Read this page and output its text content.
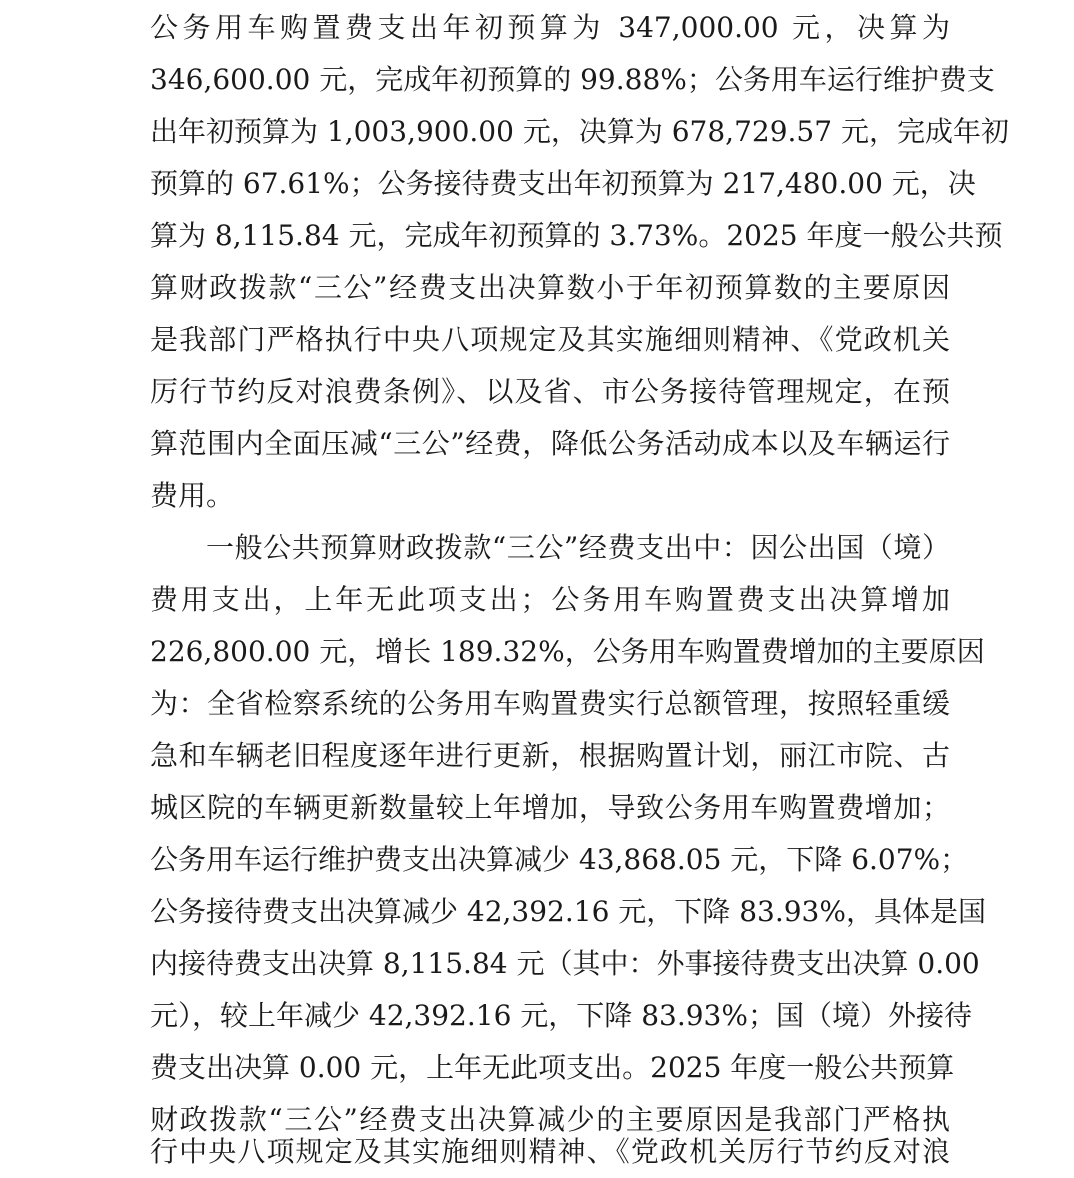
公务用车购置费支出年初预算为 347,000.00 元，决算为
346,600.00 元，完成年初预算的 99.88%；公务用车运行维护费支
出年初预算为 1,003,900.00 元，决算为 678,729.57 元，完成年初
预算的 67.61%；公务接待费支出年初预算为 217,480.00 元，决
算为 8,115.84 元，完成年初预算的 3.73%。2025 年度一般公共预
算财政拨款“三公”经费支出决算数小于年初预算数的主要原因
是我部门严格执行中央八项规定及其实施细则精神、《党政机关
厉行节约反对浪费条例》、以及省、市公务接待管理规定，在预
算范围内全面压减“三公”经费，降低公务活动成本以及车辆运行
费用。
一般公共预算财政拨款“三公”经费支出中：因公出国（境）
费用支出，上年无此项支出；公务用车购置费支出决算增加
226,800.00 元，增长 189.32%，公务用车购置费增加的主要原因
为：全省检察系统的公务用车购置费实行总额管理，按照轻重缓
急和车辆老旧程度逐年进行更新，根据购置计划，丽江市院、古
城区院的车辆更新数量较上年增加，导致公务用车购置费增加；
公务用车运行维护费支出决算减少 43,868.05 元，下降 6.07%；
公务接待费支出决算减少 42,392.16 元，下降 83.93%，具体是国
内接待费支出决算 8,115.84 元（其中：外事接待费支出决算 0.00
元），较上年减少 42,392.16 元，下降 83.93%；国（境）外接待
费支出决算 0.00 元，上年无此项支出。2025 年度一般公共预算
财政拨款“三公”经费支出决算减少的主要原因是我部门严格执
行中央八项规定及其实施细则精神、《党政机关厉行节约反对浪
